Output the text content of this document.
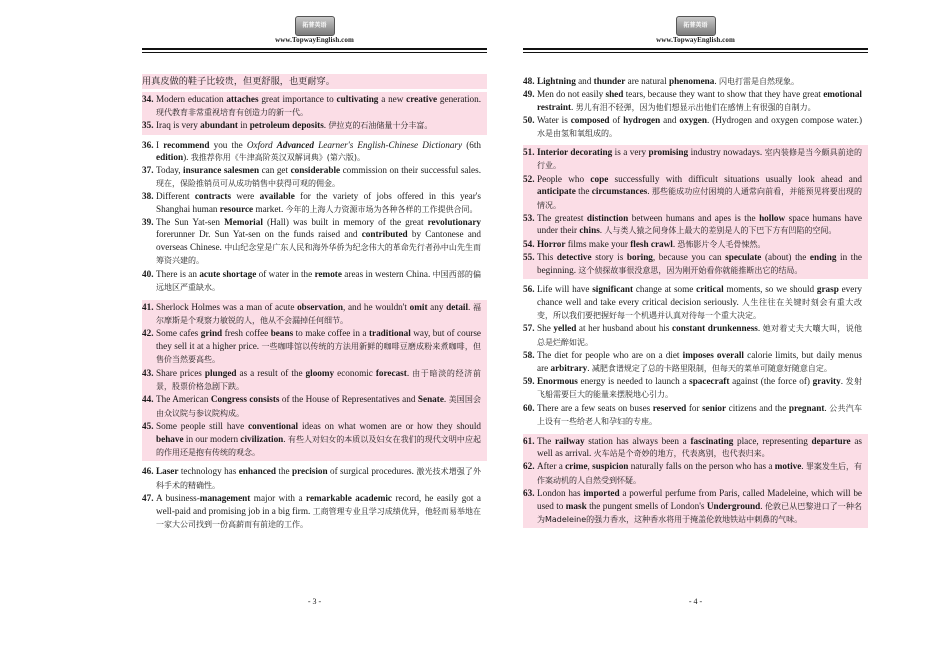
拓普英语
www.TopwayEnglish.com
用真皮做的鞋子比较贵，但更舒服，也更耐穿。
34. Modern education attaches great importance to cultivating a new creative generation. 现代教育非常重视培育有创造力的新一代。
35. Iraq is very abundant in petroleum deposits. 伊拉克的石油储量十分丰富。
36. I recommend you the Oxford Advanced Learner's English-Chinese Dictionary (6th edition). 我推荐你用《牛津高阶英汉双解词典》(第六版)。
37. Today, insurance salesmen can get considerable commission on their successful sales. 现在，保险推销员可从成功销售中获得可观的佣金。
38. Different contracts were available for the variety of jobs offered in this year's Shanghai human resource market. 今年的上海人力资源市场为各种各样的工作提供合同。
39. The Sun Yat-sen Memorial (Hall) was built in memory of the great revolutionary forerunner Dr. Sun Yat-sen on the funds raised and contributed by Cantonese and overseas Chinese. 中山纪念堂是广东人民和海外华侨为纪念伟大的革命先行者孙中山先生而筹资兴建的。
40. There is an acute shortage of water in the remote areas in western China. 中国西部的偏远地区严重缺水。
41. Sherlock Holmes was a man of acute observation, and he wouldn't omit any detail. 福尔摩斯是个观察力敏锐的人，他从不会漏掉任何细节。
42. Some cafes grind fresh coffee beans to make coffee in a traditional way, but of course they sell it at a higher price. 一些咖啡馆以传统的方法用新鲜的咖啡豆磨成粉来煮咖啡，但售价当然要高些。
43. Share prices plunged as a result of the gloomy economic forecast. 由于暗淡的经济前景，股票价格急剧下跌。
44. The American Congress consists of the House of Representatives and Senate. 美国国会由众议院与参议院构成。
45. Some people still have conventional ideas on what women are or how they should behave in our modern civilization. 有些人对妇女的本质以及妇女在我们的现代文明中应起的作用还是抱有传统的观念。
46. Laser technology has enhanced the precision of surgical procedures. 激光技术增强了外科手术的精确性。
47. A business-management major with a remarkable academic record, he easily got a well-paid and promising job in a big firm. 工商管理专业且学习成绩优异，他轻而易举地在一家大公司找到一份高薪而有前途的工作。
- 3 -
拓普英语
www.TopwayEnglish.com
48. Lightning and thunder are natural phenomena. 闪电打雷是自然现象。
49. Men do not easily shed tears, because they want to show that they have great emotional restraint. 男儿有泪不轻弹，因为他们想显示出他们在感情上有很强的自制力。
50. Water is composed of hydrogen and oxygen. (Hydrogen and oxygen compose water.) 水是由氢和氧组成的。
51. Interior decorating is a very promising industry nowadays. 室内装修是当今颇具前途的行业。
52. People who cope successfully with difficult situations usually look ahead and anticipate the circumstances. 那些能成功应付困境的人通常向前看，并能预见将要出现的情况。
53. The greatest distinction between humans and apes is the hollow space humans have under their chins. 人与类人猿之间身体上最大的差别是人的下巴下方有凹陷的空间。
54. Horror films make your flesh crawl. 恐怖影片令人毛骨悚然。
55. This detective story is boring, because you can speculate (about) the ending in the beginning. 这个侦探故事很没意思，因为刚开始看你就能推断出它的结局。
56. Life will have significant change at some critical moments, so we should grasp every chance well and take every critical decision seriously. 人生往往在关键时刻会有重大改变，所以我们要把握好每一个机遇并认真对待每一个重大决定。
57. She yelled at her husband about his constant drunkenness. 她对着丈夫大嚷大叫，说他总是烂醉如泥。
58. The diet for people who are on a diet imposes overall calorie limits, but daily menus are arbitrary. 减肥食谱规定了总的卡路里限制，但每天的菜单可随意好随意自定。
59. Enormous energy is needed to launch a spacecraft against (the force of) gravity. 发射飞船需要巨大的能量来摆脱地心引力。
60. There are a few seats on buses reserved for senior citizens and the pregnant. 公共汽车上设有一些给老人和孕妇的专座。
61. The railway station has always been a fascinating place, representing departure as well as arrival. 火车站是个奇妙的地方，代表离别，也代表归来。
62. After a crime, suspicion naturally falls on the person who has a motive. 罪案发生后，有作案动机的人自然受到怀疑。
63. London has imported a powerful perfume from Paris, called Madeleine, which will be used to mask the pungent smells of London's Underground. 伦敦已从巴黎进口了一种名为Madeleine的强力香水，这种香水将用于掩盖伦敦地铁站中刺鼻的气味。
- 4 -
